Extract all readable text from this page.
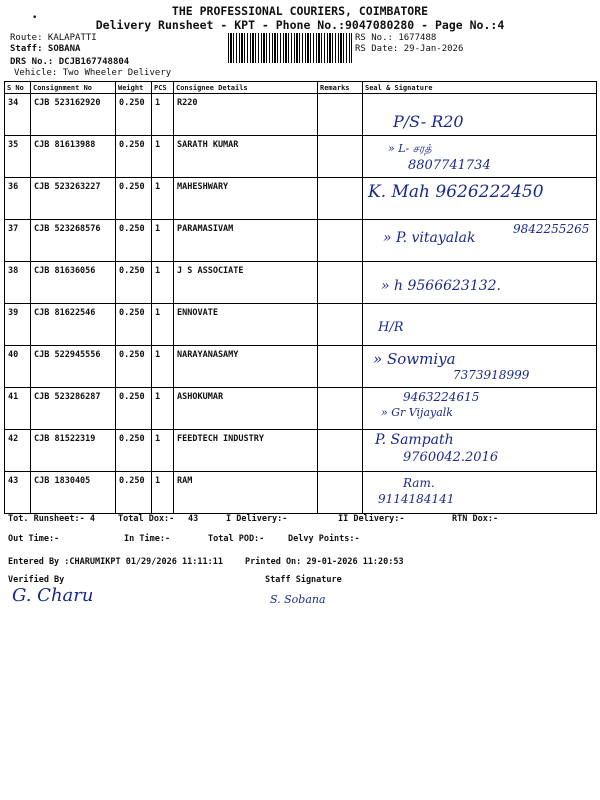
•	THE PROFESSIONAL COURIERS, COIMBATORE
Delivery Runsheet - KPT - Phone No.:9047080280 - Page No.:4
Route: KALAPATTI
Staff: SOBANA
DRS No.: DCJB167748804
Vehicle: Two Wheeler Delivery
RS No.: 1677488
RS Date: 29-Jan-2026
S No	Consignment No	Weight	PCS	Consignee Details	Remarks	Seal & Signature
34	CJB 523162920	0.250	1	R220		P/S- R20

35	CJB 81613988	0.250	1	SARATH KUMAR		» L- சரத்
8807741734

36	CJB 523263227	0.250	1	MAHESHWARY		K. Mah 9626222450

37	CJB 523268576	0.250	1	PARAMASIVAM		» P. vitayalak
9842255265

38	CJB 81636056	0.250	1	J S ASSOCIATE		» h 9566623132.

39	CJB 81622546	0.250	1	ENNOVATE		H/R

40	CJB 522945556	0.250	1	NARAYANASAMY		» Sowmiya
7373918999

41	CJB 523286287	0.250	1	ASHOKUMAR		9463224615
» Gr Vijayalk

42	CJB 81522319	0.250	1	FEEDTECH INDUSTRY		P. Sampath
9760042.2016

43	CJB 1830405	0.250	1	RAM		Ram.
9114184141
Tot. Runsheet:- 4	Total Dox:- 43	I Delivery:-	II Delivery:-	RTN Dox:-
Out Time:-	In Time:-	Total POD:-	Delvy Points:-
Entered By :CHARUMIKPT 01/29/2026 11:11:11	Printed On: 29-01-2026 11:20:53
Verified By	Staff Signature
G. Charu	S. Sobana
